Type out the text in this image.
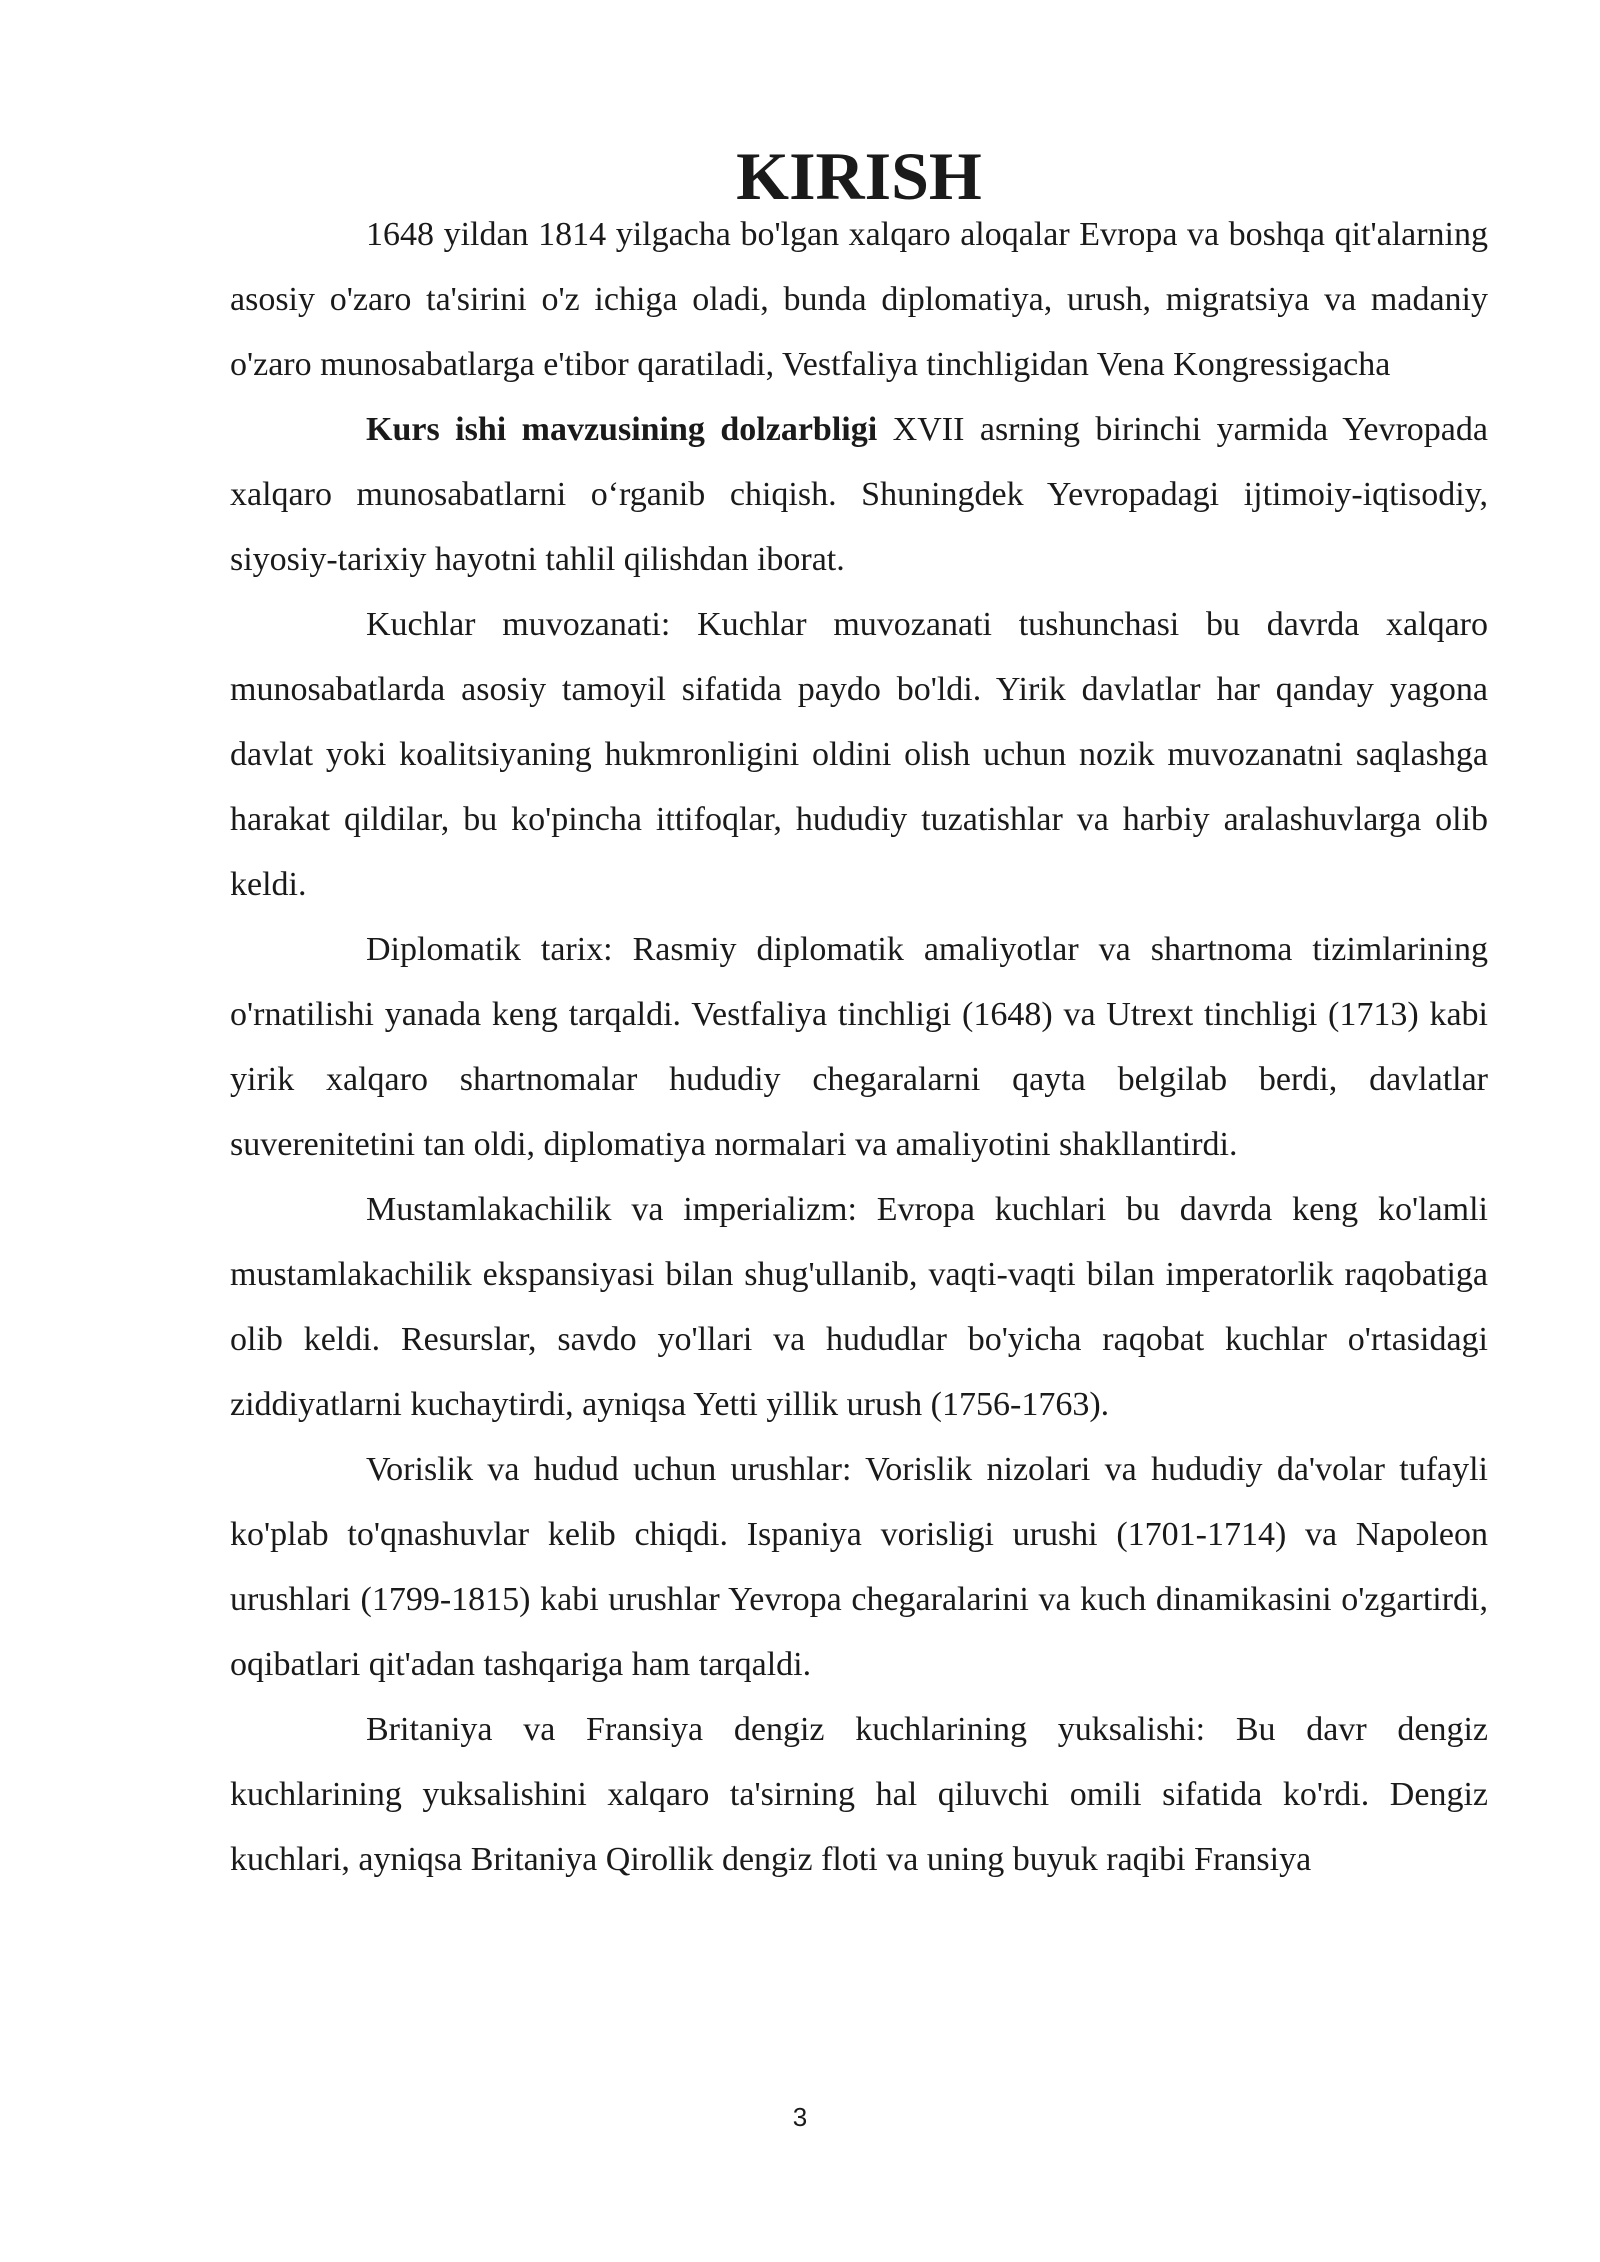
KIRISH

1648 yildan 1814 yilgacha bo'lgan xalqaro aloqalar Evropa va boshqa qit'alarning asosiy o'zaro ta'sirini o'z ichiga oladi, bunda diplomatiya, urush, migratsiya va madaniy o'zaro munosabatlarga e'tibor qaratiladi, Vestfaliya tinchligidan Vena Kongressigacha

Kurs ishi mavzusining dolzarbligi XVII asrning birinchi yarmida Yevropada xalqaro munosabatlarni o‘rganib chiqish. Shuningdek Yevropadagi ijtimoiy-iqtisodiy, siyosiy-tarixiy hayotni tahlil qilishdan iborat.

Kuchlar muvozanati: Kuchlar muvozanati tushunchasi bu davrda xalqaro munosabatlarda asosiy tamoyil sifatida paydo bo'ldi. Yirik davlatlar har qanday yagona davlat yoki koalitsiyaning hukmronligini oldini olish uchun nozik muvozanatni saqlashga harakat qildilar, bu ko'pincha ittifoqlar, hududiy tuzatishlar va harbiy aralashuvlarga olib keldi.

Diplomatik tarix: Rasmiy diplomatik amaliyotlar va shartnoma tizimlarining o'rnatilishi yanada keng tarqaldi. Vestfaliya tinchligi (1648) va Utrext tinchligi (1713) kabi yirik xalqaro shartnomalar hududiy chegaralarni qayta belgilab berdi, davlatlar suverenitetini tan oldi, diplomatiya normalari va amaliyotini shakllantirdi.

Mustamlakachilik va imperializm: Evropa kuchlari bu davrda keng ko'lamli mustamlakachilik ekspansiyasi bilan shug'ullanib, vaqti-vaqti bilan imperatorlik raqobatiga olib keldi. Resurslar, savdo yo'llari va hududlar bo'yicha raqobat kuchlar o'rtasidagi ziddiyatlarni kuchaytirdi, ayniqsa Yetti yillik urush (1756-1763).

Vorislik va hudud uchun urushlar: Vorislik nizolari va hududiy da'volar tufayli ko'plab to'qnashuvlar kelib chiqdi. Ispaniya vorisligi urushi (1701-1714) va Napoleon urushlari (1799-1815) kabi urushlar Yevropa chegaralarini va kuch dinamikasini o'zgartirdi, oqibatlari qit'adan tashqariga ham tarqaldi.

Britaniya va Fransiya dengiz kuchlarining yuksalishi: Bu davr dengiz kuchlarining yuksalishini xalqaro ta'sirning hal qiluvchi omili sifatida ko'rdi. Dengiz kuchlari, ayniqsa Britaniya Qirollik dengiz floti va uning buyuk raqibi Fransiya

3
